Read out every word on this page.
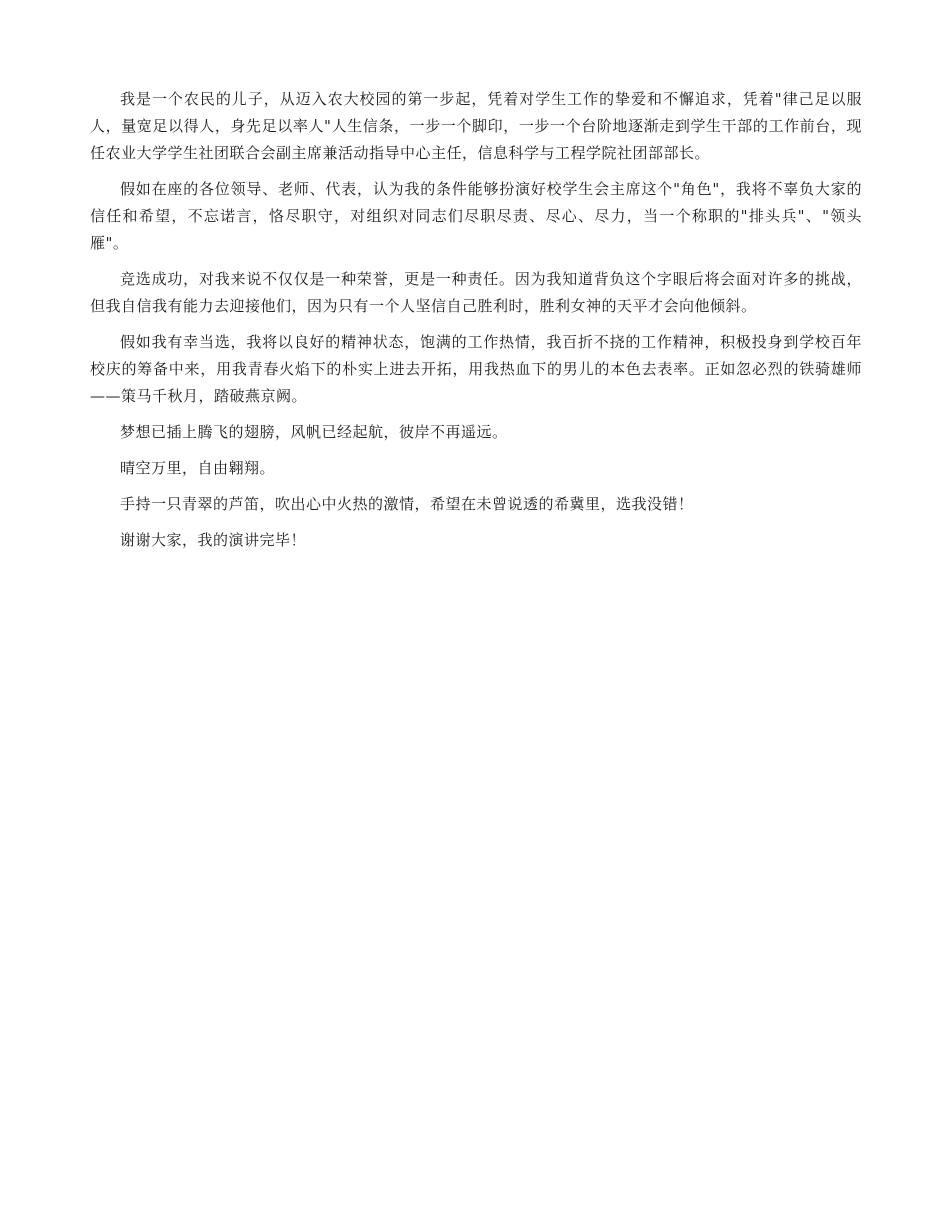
我是一个农民的儿子，从迈入农大校园的第一步起，凭着对学生工作的挚爱和不懈追求，凭着"律己足以服人，量宽足以得人，身先足以率人"人生信条，一步一个脚印，一步一个台阶地逐渐走到学生干部的工作前台，现任农业大学学生社团联合会副主席兼活动指导中心主任，信息科学与工程学院社团部部长。

假如在座的各位领导、老师、代表，认为我的条件能够扮演好校学生会主席这个"角色"，我将不辜负大家的信任和希望，不忘诺言，恪尽职守，对组织对同志们尽职尽责、尽心、尽力，当一个称职的"排头兵"、"领头雁"。

竞选成功，对我来说不仅仅是一种荣誉，更是一种责任。因为我知道背负这个字眼后将会面对许多的挑战，但我自信我有能力去迎接他们，因为只有一个人坚信自己胜利时，胜利女神的天平才会向他倾斜。

假如我有幸当选，我将以良好的精神状态，饱满的工作热情，我百折不挠的工作精神，积极投身到学校百年校庆的筹备中来，用我青春火焰下的朴实上进去开拓，用我热血下的男儿的本色去表率。正如忽必烈的铁骑雄师——策马千秋月，踏破燕京阙。

梦想已插上腾飞的翅膀，风帆已经起航，彼岸不再遥远。

晴空万里，自由翱翔。

手持一只青翠的芦笛，吹出心中火热的激情，希望在未曾说透的希冀里，选我没错！

谢谢大家，我的演讲完毕！
